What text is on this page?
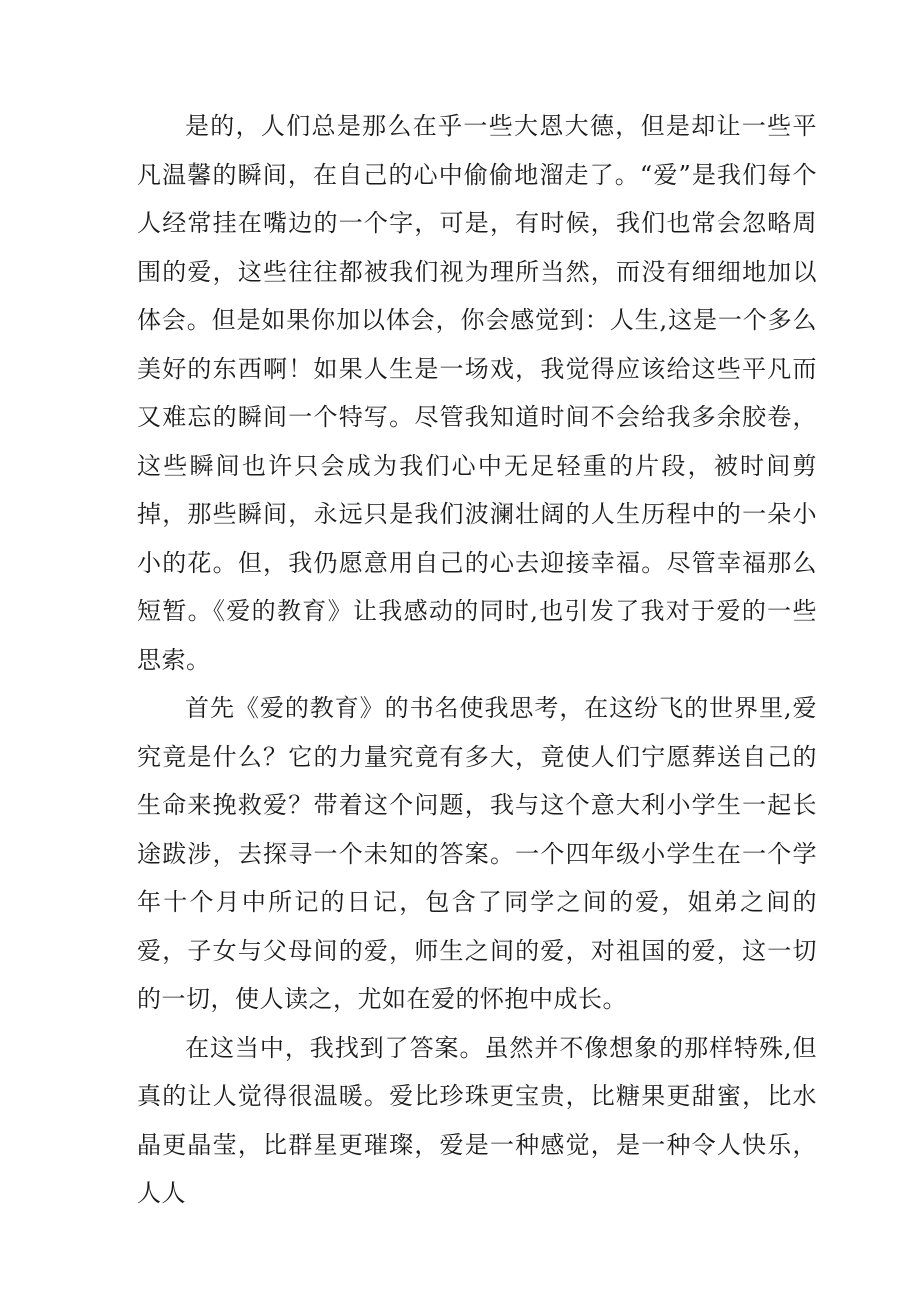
是的，人们总是那么在乎一些大恩大德，但是却让一些平凡温馨的瞬间，在自己的心中偷偷地溜走了。“爱”是我们每个人经常挂在嘴边的一个字，可是，有时候，我们也常会忽略周围的爱，这些往往都被我们视为理所当然，而没有细细地加以体会。但是如果你加以体会，你会感觉到：人生,这是一个多么美好的东西啊！如果人生是一场戏，我觉得应该给这些平凡而又难忘的瞬间一个特写。尽管我知道时间不会给我多余胶卷，这些瞬间也许只会成为我们心中无足轻重的片段，被时间剪掉，那些瞬间，永远只是我们波澜壮阔的人生历程中的一朵小小的花。但，我仍愿意用自己的心去迎接幸福。尽管幸福那么短暂。《爱的教育》让我感动的同时,也引发了我对于爱的一些思索。

首先《爱的教育》的书名使我思考，在这纷飞的世界里,爱究竟是什么？它的力量究竟有多大，竟使人们宁愿葬送自己的生命来挽救爱？带着这个问题，我与这个意大利小学生一起长途跋涉，去探寻一个未知的答案。一个四年级小学生在一个学年十个月中所记的日记，包含了同学之间的爱，姐弟之间的爱，子女与父母间的爱，师生之间的爱，对祖国的爱，这一切的一切，使人读之，尤如在爱的怀抱中成长。

在这当中，我找到了答案。虽然并不像想象的那样特殊,但真的让人觉得很温暖。爱比珍珠更宝贵，比糖果更甜蜜，比水晶更晶莹，比群星更璀璨，爱是一种感觉，是一种令人快乐，人人
